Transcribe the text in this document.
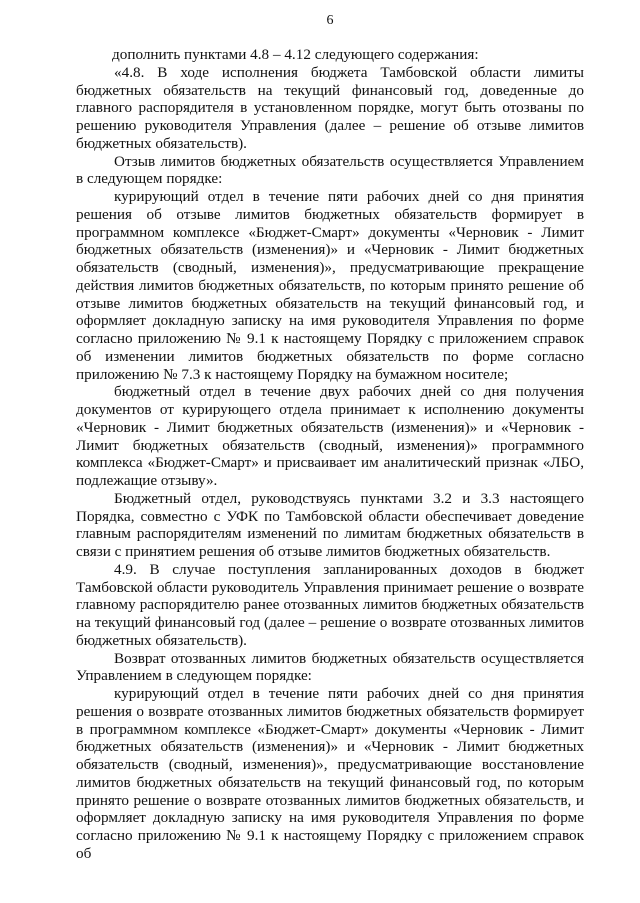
6

дополнить пунктами 4.8 – 4.12 следующего содержания:

«4.8. В ходе исполнения бюджета Тамбовской области лимиты бюджетных обязательств на текущий финансовый год, доведенные до главного распорядителя в установленном порядке, могут быть отозваны по решению руководителя Управления (далее – решение об отзыве лимитов бюджетных обязательств).

Отзыв лимитов бюджетных обязательств осуществляется Управлением в следующем порядке:

курирующий отдел в течение пяти рабочих дней со дня принятия решения об отзыве лимитов бюджетных обязательств формирует в программном комплексе «Бюджет-Смарт» документы «Черновик - Лимит бюджетных обязательств (изменения)» и «Черновик - Лимит бюджетных обязательств (сводный, изменения)», предусматривающие прекращение действия лимитов бюджетных обязательств, по которым принято решение об отзыве лимитов бюджетных обязательств на текущий финансовый год, и оформляет докладную записку на имя руководителя Управления по форме согласно приложению № 9.1 к настоящему Порядку с приложением справок об изменении лимитов бюджетных обязательств по форме согласно приложению № 7.3 к настоящему Порядку на бумажном носителе;

бюджетный отдел в течение двух рабочих дней со дня получения документов от курирующего отдела принимает к исполнению документы «Черновик - Лимит бюджетных обязательств (изменения)» и «Черновик - Лимит бюджетных обязательств (сводный, изменения)» программного комплекса «Бюджет-Смарт» и присваивает им аналитический признак «ЛБО, подлежащие отзыву».

Бюджетный отдел, руководствуясь пунктами 3.2 и 3.3 настоящего Порядка, совместно с УФК по Тамбовской области обеспечивает доведение главным распорядителям изменений по лимитам бюджетных обязательств в связи с принятием решения об отзыве лимитов бюджетных обязательств.

4.9. В случае поступления запланированных доходов в бюджет Тамбовской области руководитель Управления принимает решение о возврате главному распорядителю ранее отозванных лимитов бюджетных обязательств на текущий финансовый год (далее – решение о возврате отозванных лимитов бюджетных обязательств).

Возврат отозванных лимитов бюджетных обязательств осуществляется Управлением в следующем порядке:

курирующий отдел в течение пяти рабочих дней со дня принятия решения о возврате отозванных лимитов бюджетных обязательств формирует в программном комплексе «Бюджет-Смарт» документы «Черновик - Лимит бюджетных обязательств (изменения)» и «Черновик - Лимит бюджетных обязательств (сводный, изменения)», предусматривающие восстановление лимитов бюджетных обязательств на текущий финансовый год, по которым принято решение о возврате отозванных лимитов бюджетных обязательств, и оформляет докладную записку на имя руководителя Управления по форме согласно приложению № 9.1 к настоящему Порядку с приложением справок об
